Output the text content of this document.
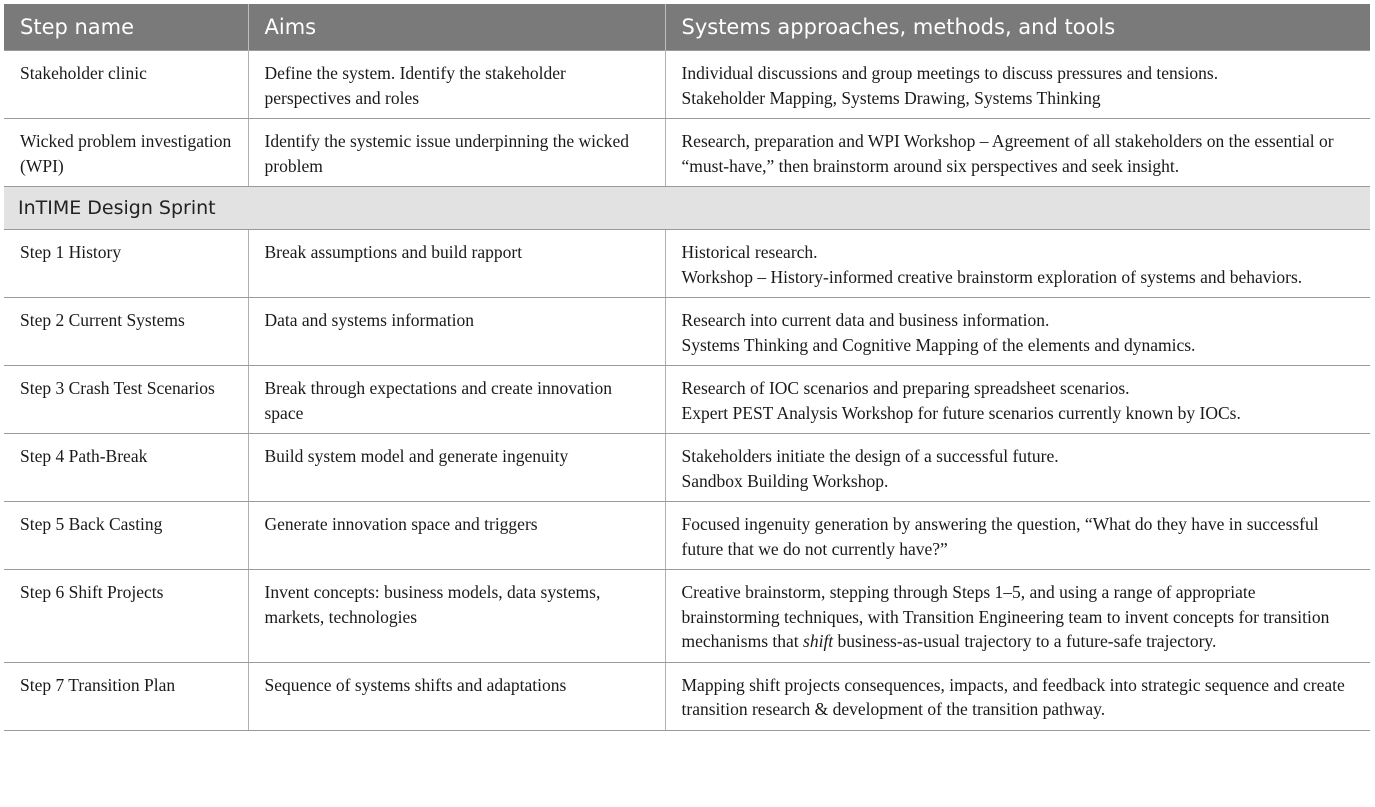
Step name	Aims	Systems approaches, methods, and tools
Stakeholder clinic	Define the system. Identify the stakeholder perspectives and roles	Individual discussions and group meetings to discuss pressures and tensions.
Stakeholder Mapping, Systems Drawing, Systems Thinking

Wicked problem investigation (WPI)	Identify the systemic issue underpinning the wicked problem	Research, preparation and WPI Workshop – Agreement of all stakeholders on the essential or “must-have,” then brainstorm around six perspectives and seek insight.

InTIME Design Sprint		
Step 1 History	Break assumptions and build rapport	Historical research.
Workshop – History-informed creative brainstorm exploration of systems and behaviors.

Step 2 Current Systems	Data and systems information	Research into current data and business information.
Systems Thinking and Cognitive Mapping of the elements and dynamics.

Step 3 Crash Test Scenarios	Break through expectations and create innovation space	Research of IOC scenarios and preparing spreadsheet scenarios.
Expert PEST Analysis Workshop for future scenarios currently known by IOCs.

Step 4 Path-Break	Build system model and generate ingenuity	Stakeholders initiate the design of a successful future.
Sandbox Building Workshop.

Step 5 Back Casting	Generate innovation space and triggers	Focused ingenuity generation by answering the question, “What do they have in successful future that we do not currently have?”

Step 6 Shift Projects	Invent concepts: business models, data systems, markets, technologies	Creative brainstorm, stepping through Steps 1–5, and using a range of appropriate brainstorming techniques, with Transition Engineering team to invent concepts for transition mechanisms that shift business-as-usual trajectory to a future-safe trajectory.
Step 7 Transition Plan	Sequence of systems shifts and adaptations	Mapping shift projects consequences, impacts, and feedback into strategic sequence and create transition research & development of the transition pathway.
